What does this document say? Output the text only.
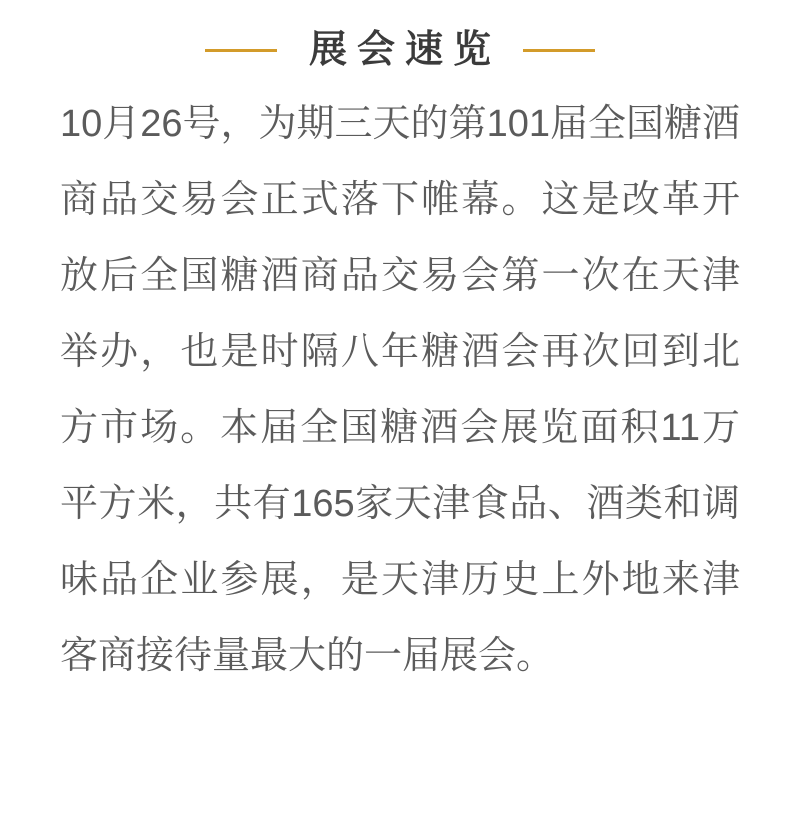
展会速览
10月26号，为期三天的第101届全国糖酒商品交易会正式落下帷幕。这是改革开放后全国糖酒商品交易会第一次在天津举办，也是时隔八年糖酒会再次回到北方市场。本届全国糖酒会展览面积11万平方米，共有165家天津食品、酒类和调味品企业参展，是天津历史上外地来津客商接待量最大的一届展会。
